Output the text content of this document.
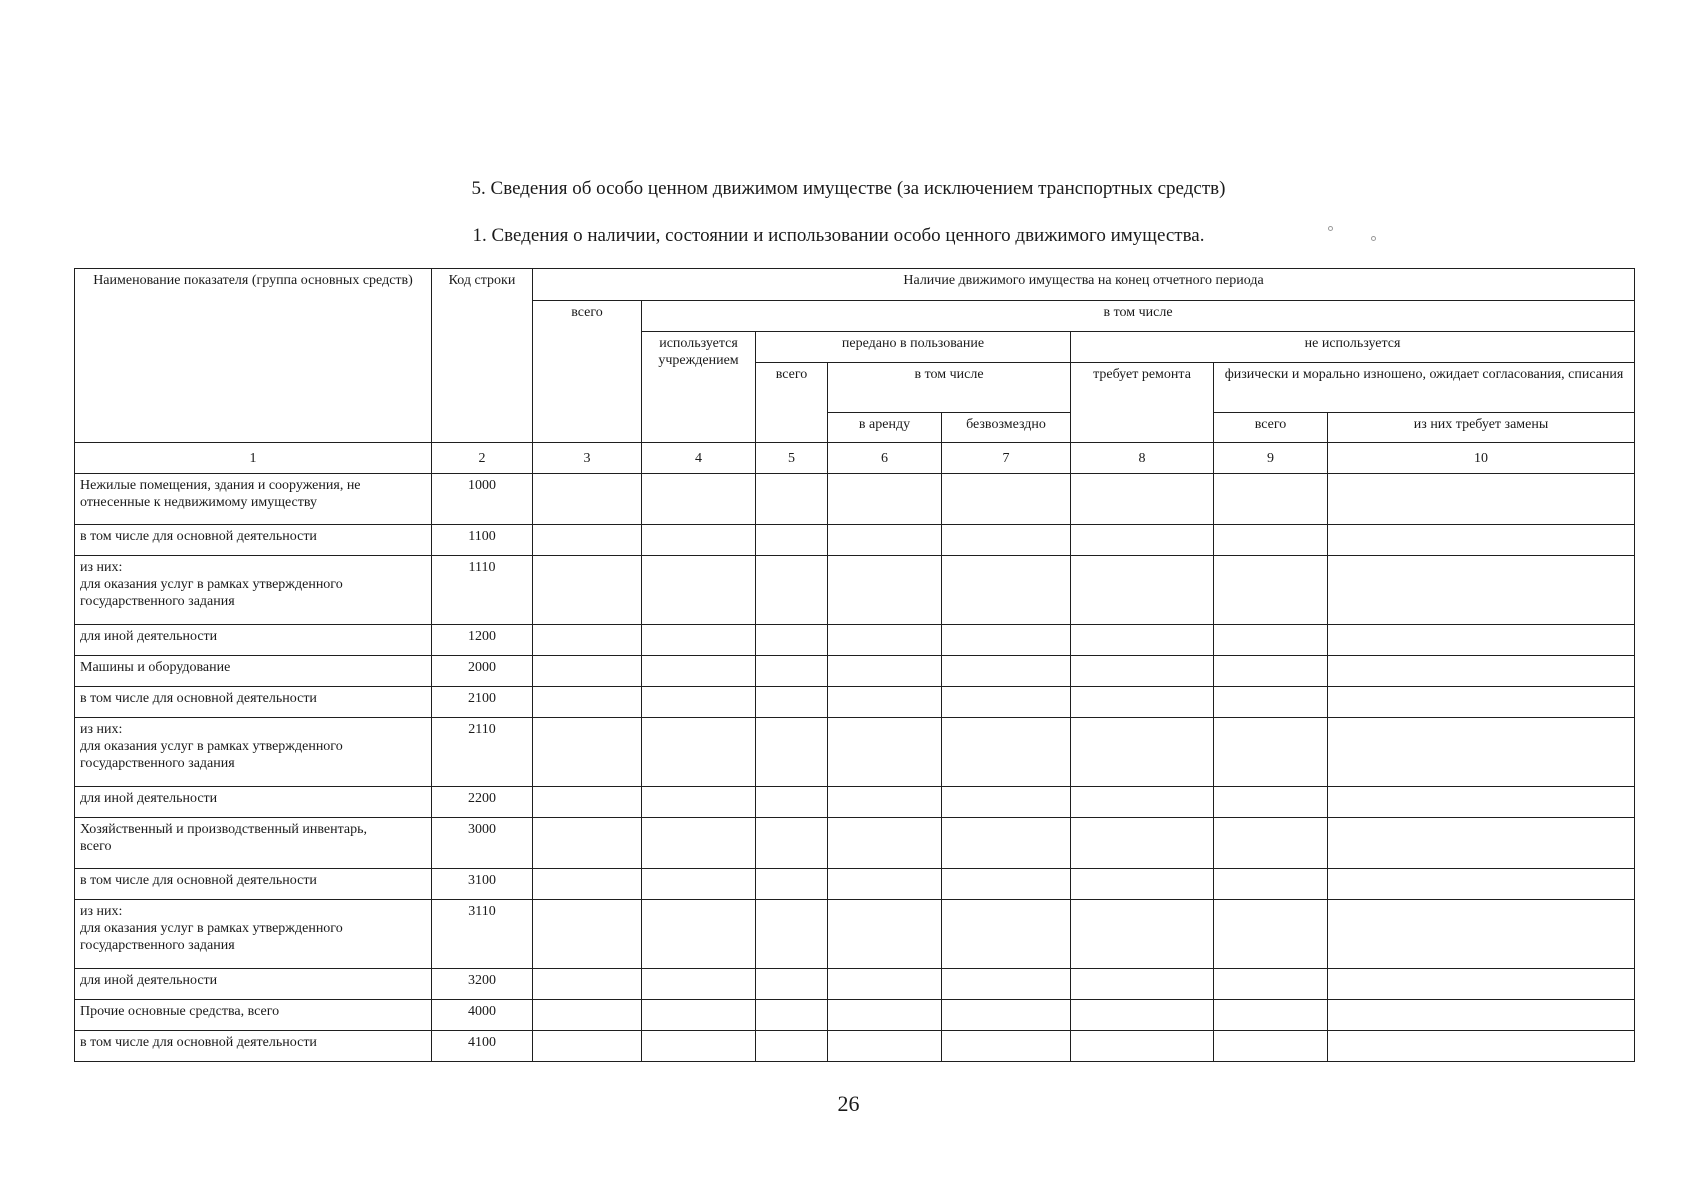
5. Сведения об особо ценном движимом имуществе (за исключением транспортных средств)
1. Сведения о наличии, состоянии и использовании особо ценного движимого имущества.
Наименование показателя (группа основных средств)	Код строки	Наличие движимого имущества на конец отчетного периода							
		всего	в том числе						
			используется учреждением	передано в пользование			не используется		
				всего	в том числе		требует ремонта	физически и морально изношено, ожидает согласования, списания	
					в аренду	безвозмездно		всего	из них требует замены
1	2	3	4	5	6	7	8	9	10

Нежилые помещения, здания и сооружения, не
отнесенные к недвижимому имуществу	1000								

в том числе для основной деятельности	1100								

из них:
для оказания услуг в рамках утвержденного
государственного задания	1110								

для иной деятельности	1200								

Машины и оборудование	2000								

в том числе для основной деятельности	2100								

из них:
для оказания услуг в рамках утвержденного
государственного задания	2110								

для иной деятельности	2200								

Хозяйственный и производственный инвентарь,
всего	3000								

в том числе для основной деятельности	3100								

из них:
для оказания услуг в рамках утвержденного
государственного задания	3110								

для иной деятельности	3200								

Прочие основные средства, всего	4000								

в том числе для основной деятельности	4100								
26
